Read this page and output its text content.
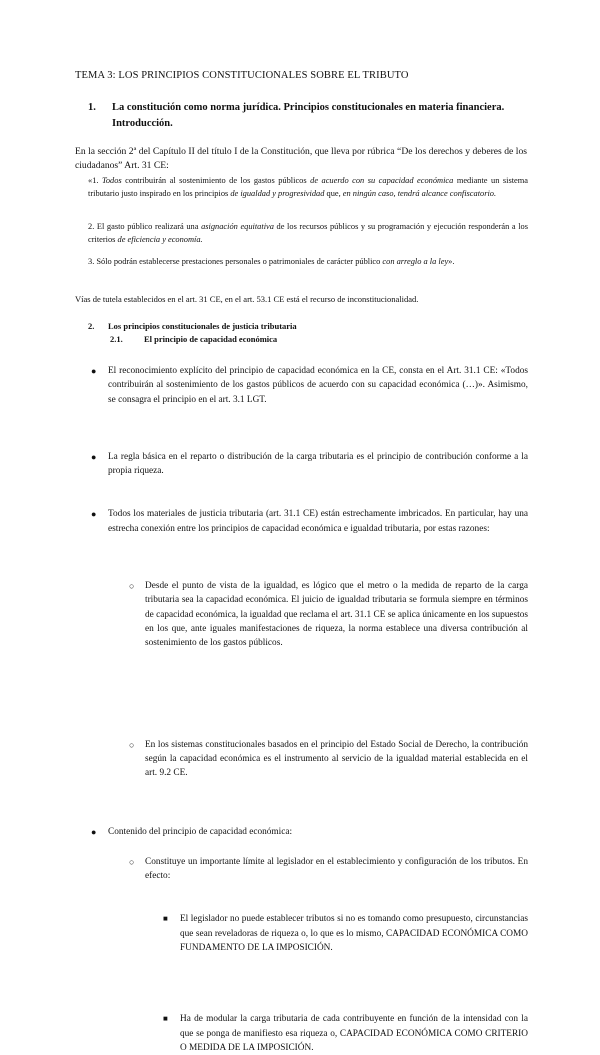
TEMA 3: LOS PRINCIPIOS CONSTITUCIONALES SOBRE EL TRIBUTO

1.	La constitución como norma jurídica. Principios constitucionales en materia financiera. Introducción.

En la sección 2ª del Capítulo II del título I de la Constitución, que lleva por rúbrica “De los derechos y deberes de los ciudadanos” Art. 31 CE:

«1. Todos contribuirán al sostenimiento de los gastos públicos de acuerdo con su capacidad económica mediante un sistema tributario justo inspirado en los principios de igualdad y progresividad que, en ningún caso, tendrá alcance confiscatorio.

2. El gasto público realizará una asignación equitativa de los recursos públicos y su programación y ejecución responderán a los criterios de eficiencia y economía.

3. Sólo podrán establecerse prestaciones personales o patrimoniales de carácter público con arreglo a la ley».

Vías de tutela establecidos en el art. 31 CE, en el art. 53.1 CE está el recurso de inconstitucionalidad.

2. Los principios constitucionales de justicia tributaria
2.1.	El principio de capacidad económica
● El reconocimiento explícito del principio de capacidad económica en la CE, consta en el Art. 31.1 CE: «Todos contribuirán al sostenimiento de los gastos públicos de acuerdo con su capacidad económica (…)». Asimismo, se consagra el principio en el art. 3.1 LGT.
● La regla básica en el reparto o distribución de la carga tributaria es el principio de contribución conforme a la propia riqueza.
● Todos los materiales de justicia tributaria (art. 31.1 CE) están estrechamente imbricados. En particular, hay una estrecha conexión entre los principios de capacidad económica e igualdad tributaria, por estas razones:
○ Desde el punto de vista de la igualdad, es lógico que el metro o la medida de reparto de la carga tributaria sea la capacidad económica. El juicio de igualdad tributaria se formula siempre en términos de capacidad económica, la igualdad que reclama el art. 31.1 CE se aplica únicamente en los supuestos en los que, ante iguales manifestaciones de riqueza, la norma establece una diversa contribución al sostenimiento de los gastos públicos.
○ En los sistemas constitucionales basados en el principio del Estado Social de Derecho, la contribución según la capacidad económica es el instrumento al servicio de la igualdad material establecida en el art. 9.2 CE.
● Contenido del principio de capacidad económica:
○ Constituye un importante límite al legislador en el establecimiento y configuración de los tributos. En efecto:
■ El legislador no puede establecer tributos si no es tomando como presupuesto, circunstancias que sean reveladoras de riqueza o, lo que es lo mismo, CAPACIDAD ECONÓMICA COMO FUNDAMENTO DE LA IMPOSICIÓN.
■ Ha de modular la carga tributaria de cada contribuyente en función de la intensidad con la que se ponga de manifiesto esa riqueza o, CAPACIDAD ECONÓMICA COMO CRITERIO O MEDIDA DE LA IMPOSICIÓN.
